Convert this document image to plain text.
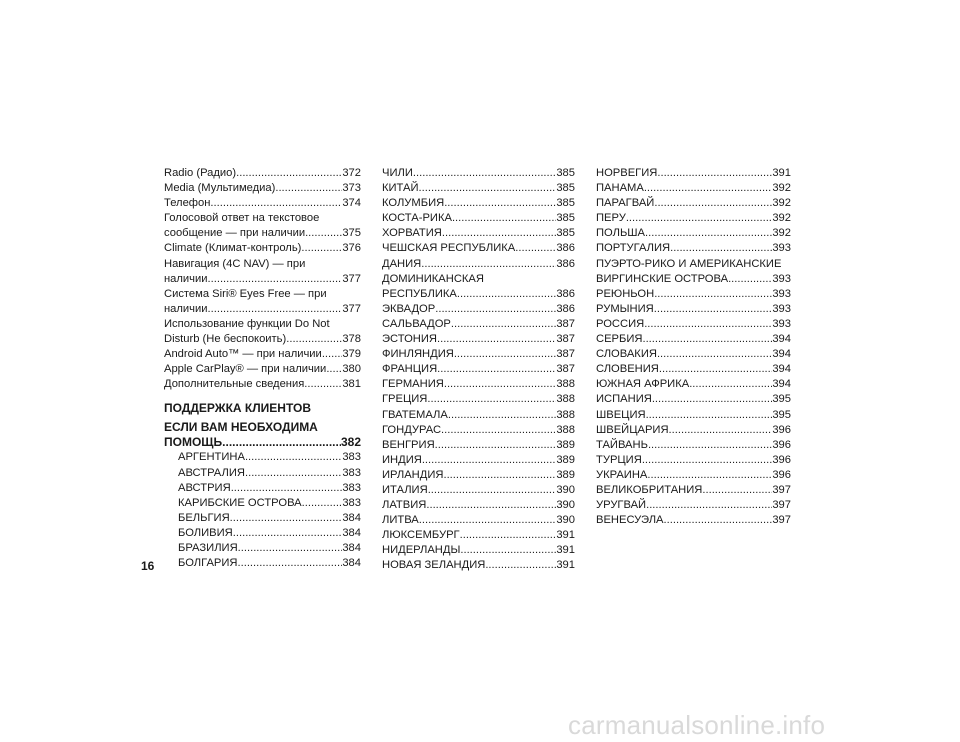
Radio (Радио) .....	372
Media (Мультимедиа) .....	373
Телефон .....	374
Голосовой ответ на текстовое
сообщение — при наличии .....	375
Climate (Климат-контроль) .....	376
Навигация (4C NAV) — при
наличии .....	377
Система Siri® Eyes Free — при
наличии .....	377
Использование функции Do Not
Disturb (Не беспокоить) .....	378
Android Auto™ — при наличии ..... 379
Apple CarPlay® — при наличии ..... 380
Дополнительные сведения .....	381
ПОДДЕРЖКА КЛИЕНТОВ
ЕСЛИ ВАМ НЕОБХОДИМА
ПОМОЩЬ .....	382
АРГЕНТИНА .....	383
АВСТРАЛИЯ .....	383
АВСТРИЯ .....	383
КАРИБСКИЕ ОСТРОВА .....	383
БЕЛЬГИЯ .....	384
БОЛИВИЯ .....	384
БРАЗИЛИЯ .....	384
БОЛГАРИЯ .....	384
ЧИЛИ .....	385
КИТАЙ .....	385
КОЛУМБИЯ .....	385
КОСТА-РИКА .....	385
ХОРВАТИЯ .....	385
ЧЕШСКАЯ РЕСПУБЛИКА .....	386
ДАНИЯ .....	386
ДОМИНИКАНСКАЯ
РЕСПУБЛИКА .....	386
ЭКВАДОР .....	386
САЛЬВАДОР .....	387
ЭСТОНИЯ .....	387
ФИНЛЯНДИЯ .....	387
ФРАНЦИЯ .....	387
ГЕРМАНИЯ .....	388
ГРЕЦИЯ .....	388
ГВАТЕМАЛА .....	388
ГОНДУРАС .....	388
ВЕНГРИЯ .....	389
ИНДИЯ .....	389
ИРЛАНДИЯ .....	389
ИТАЛИЯ .....	390
ЛАТВИЯ .....	390
ЛИТВА .....	390
ЛЮКСЕМБУРГ .....	391
НИДЕРЛАНДЫ .....	391
НОВАЯ ЗЕЛАНДИЯ .....	391
НОРВЕГИЯ .....	391
ПАНАМА .....	392
ПАРАГВАЙ .....	392
ПЕРУ .....	392
ПОЛЬША .....	392
ПОРТУГАЛИЯ .....	393
ПУЭРТО-РИКО И АМЕРИКАНСКИЕ
ВИРГИНСКИЕ ОСТРОВА .....	393
РЕЮНЬОН .....	393
РУМЫНИЯ .....	393
РОССИЯ .....	393
СЕРБИЯ .....	394
СЛОВАКИЯ .....	394
СЛОВЕНИЯ .....	394
ЮЖНАЯ АФРИКА .....	394
ИСПАНИЯ .....	395
ШВЕЦИЯ .....	395
ШВЕЙЦАРИЯ .....	396
ТАЙВАНЬ .....	396
ТУРЦИЯ .....	396
УКРАИНА .....	396
ВЕЛИКОБРИТАНИЯ .....	397
УРУГВАЙ .....	397
ВЕНЕСУЭЛА .....	397
16
carmanualsonline.info
